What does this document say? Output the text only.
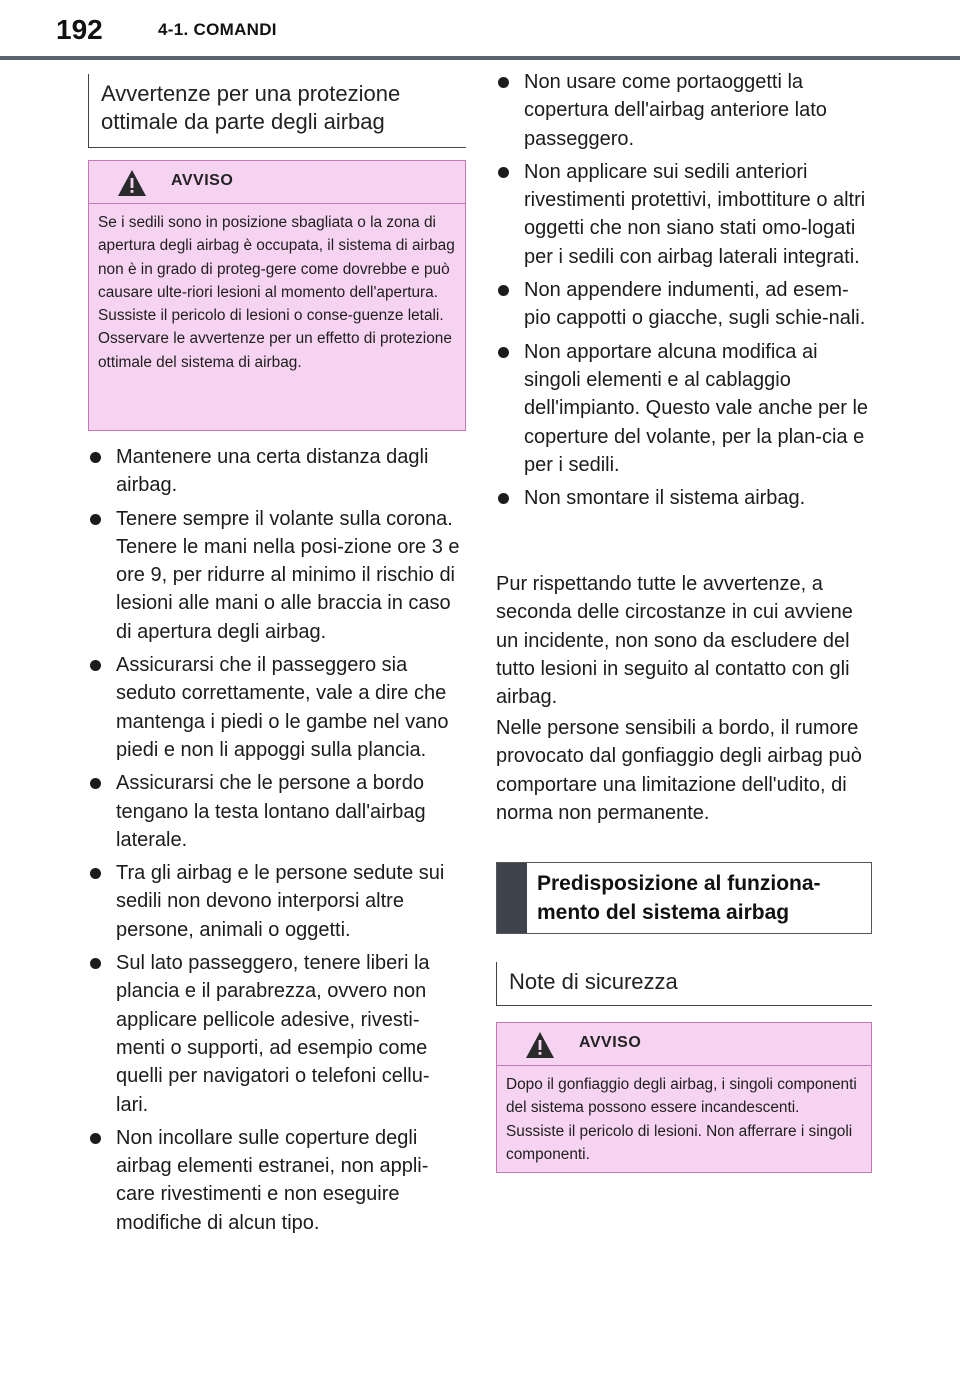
192	4-1. COMANDI
Avvertenze per una protezione ottimale da parte degli airbag
AVVISO
Se i sedili sono in posizione sbagliata o la zona di apertura degli airbag è occupata, il sistema di airbag non è in grado di proteg-gere come dovrebbe e può causare ulte-riori lesioni al momento dell'apertura. Sussiste il pericolo di lesioni o conse-guenze letali. Osservare le avvertenze per un effetto di protezione ottimale del sistema di airbag.
Mantenere una certa distanza dagli airbag.
Tenere sempre il volante sulla corona. Tenere le mani nella posi-zione ore 3 e ore 9, per ridurre al minimo il rischio di lesioni alle mani o alle braccia in caso di apertura degli airbag.
Assicurarsi che il passeggero sia seduto correttamente, vale a dire che mantenga i piedi o le gambe nel vano piedi e non li appoggi sulla plancia.
Assicurarsi che le persone a bordo tengano la testa lontano dall'airbag laterale.
Tra gli airbag e le persone sedute sui sedili non devono interporsi altre persone, animali o oggetti.
Sul lato passeggero, tenere liberi la plancia e il parabrezza, ovvero non applicare pellicole adesive, rivesti-menti o supporti, ad esempio come quelli per navigatori o telefoni cellu-lari.
Non incollare sulle coperture degli airbag elementi estranei, non appli-care rivestimenti e non eseguire modifiche di alcun tipo.
Non usare come portaoggetti la copertura dell'airbag anteriore lato passeggero.
Non applicare sui sedili anteriori rivestimenti protettivi, imbottiture o altri oggetti che non siano stati omo-logati per i sedili con airbag laterali integrati.
Non appendere indumenti, ad esem-pio cappotti o giacche, sugli schie-nali.
Non apportare alcuna modifica ai singoli elementi e al cablaggio dell'impianto. Questo vale anche per le coperture del volante, per la plan-cia e per i sedili.
Non smontare il sistema airbag.

Pur rispettando tutte le avvertenze, a seconda delle circostanze in cui avviene un incidente, non sono da escludere del tutto lesioni in seguito al contatto con gli airbag.

Nelle persone sensibili a bordo, il rumore provocato dal gonfiaggio degli airbag può comportare una limitazione dell'udito, di norma non permanente.

Predisposizione al funziona-mento del sistema airbag
Note di sicurezza
AVVISO
Dopo il gonfiaggio degli airbag, i singoli componenti del sistema possono essere incandescenti. Sussiste il pericolo di lesioni. Non afferrare i singoli componenti.
